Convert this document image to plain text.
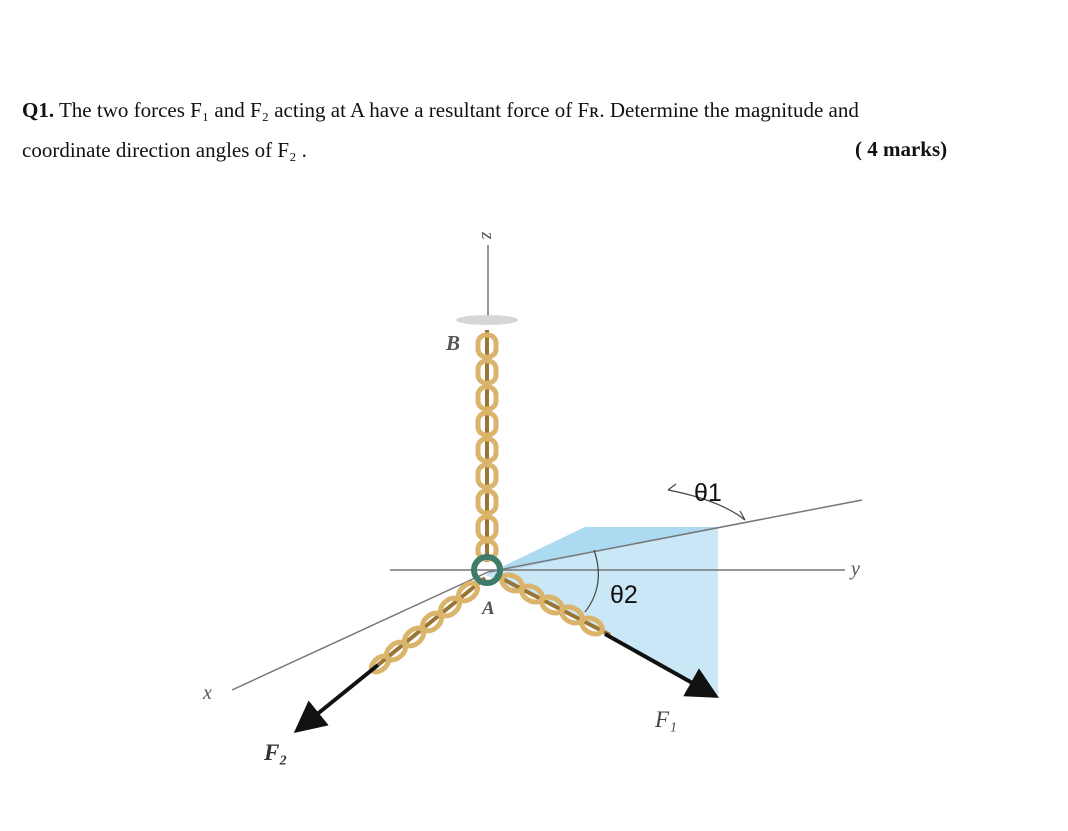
Q1. The two forces F₁ and F₂ acting at A have a resultant force of Fʀ. Determine the magnitude and
coordinate direction angles of F₂ .	( 4 marks)
z
y
x
B
A
θ1
θ2
F₁
F₂
